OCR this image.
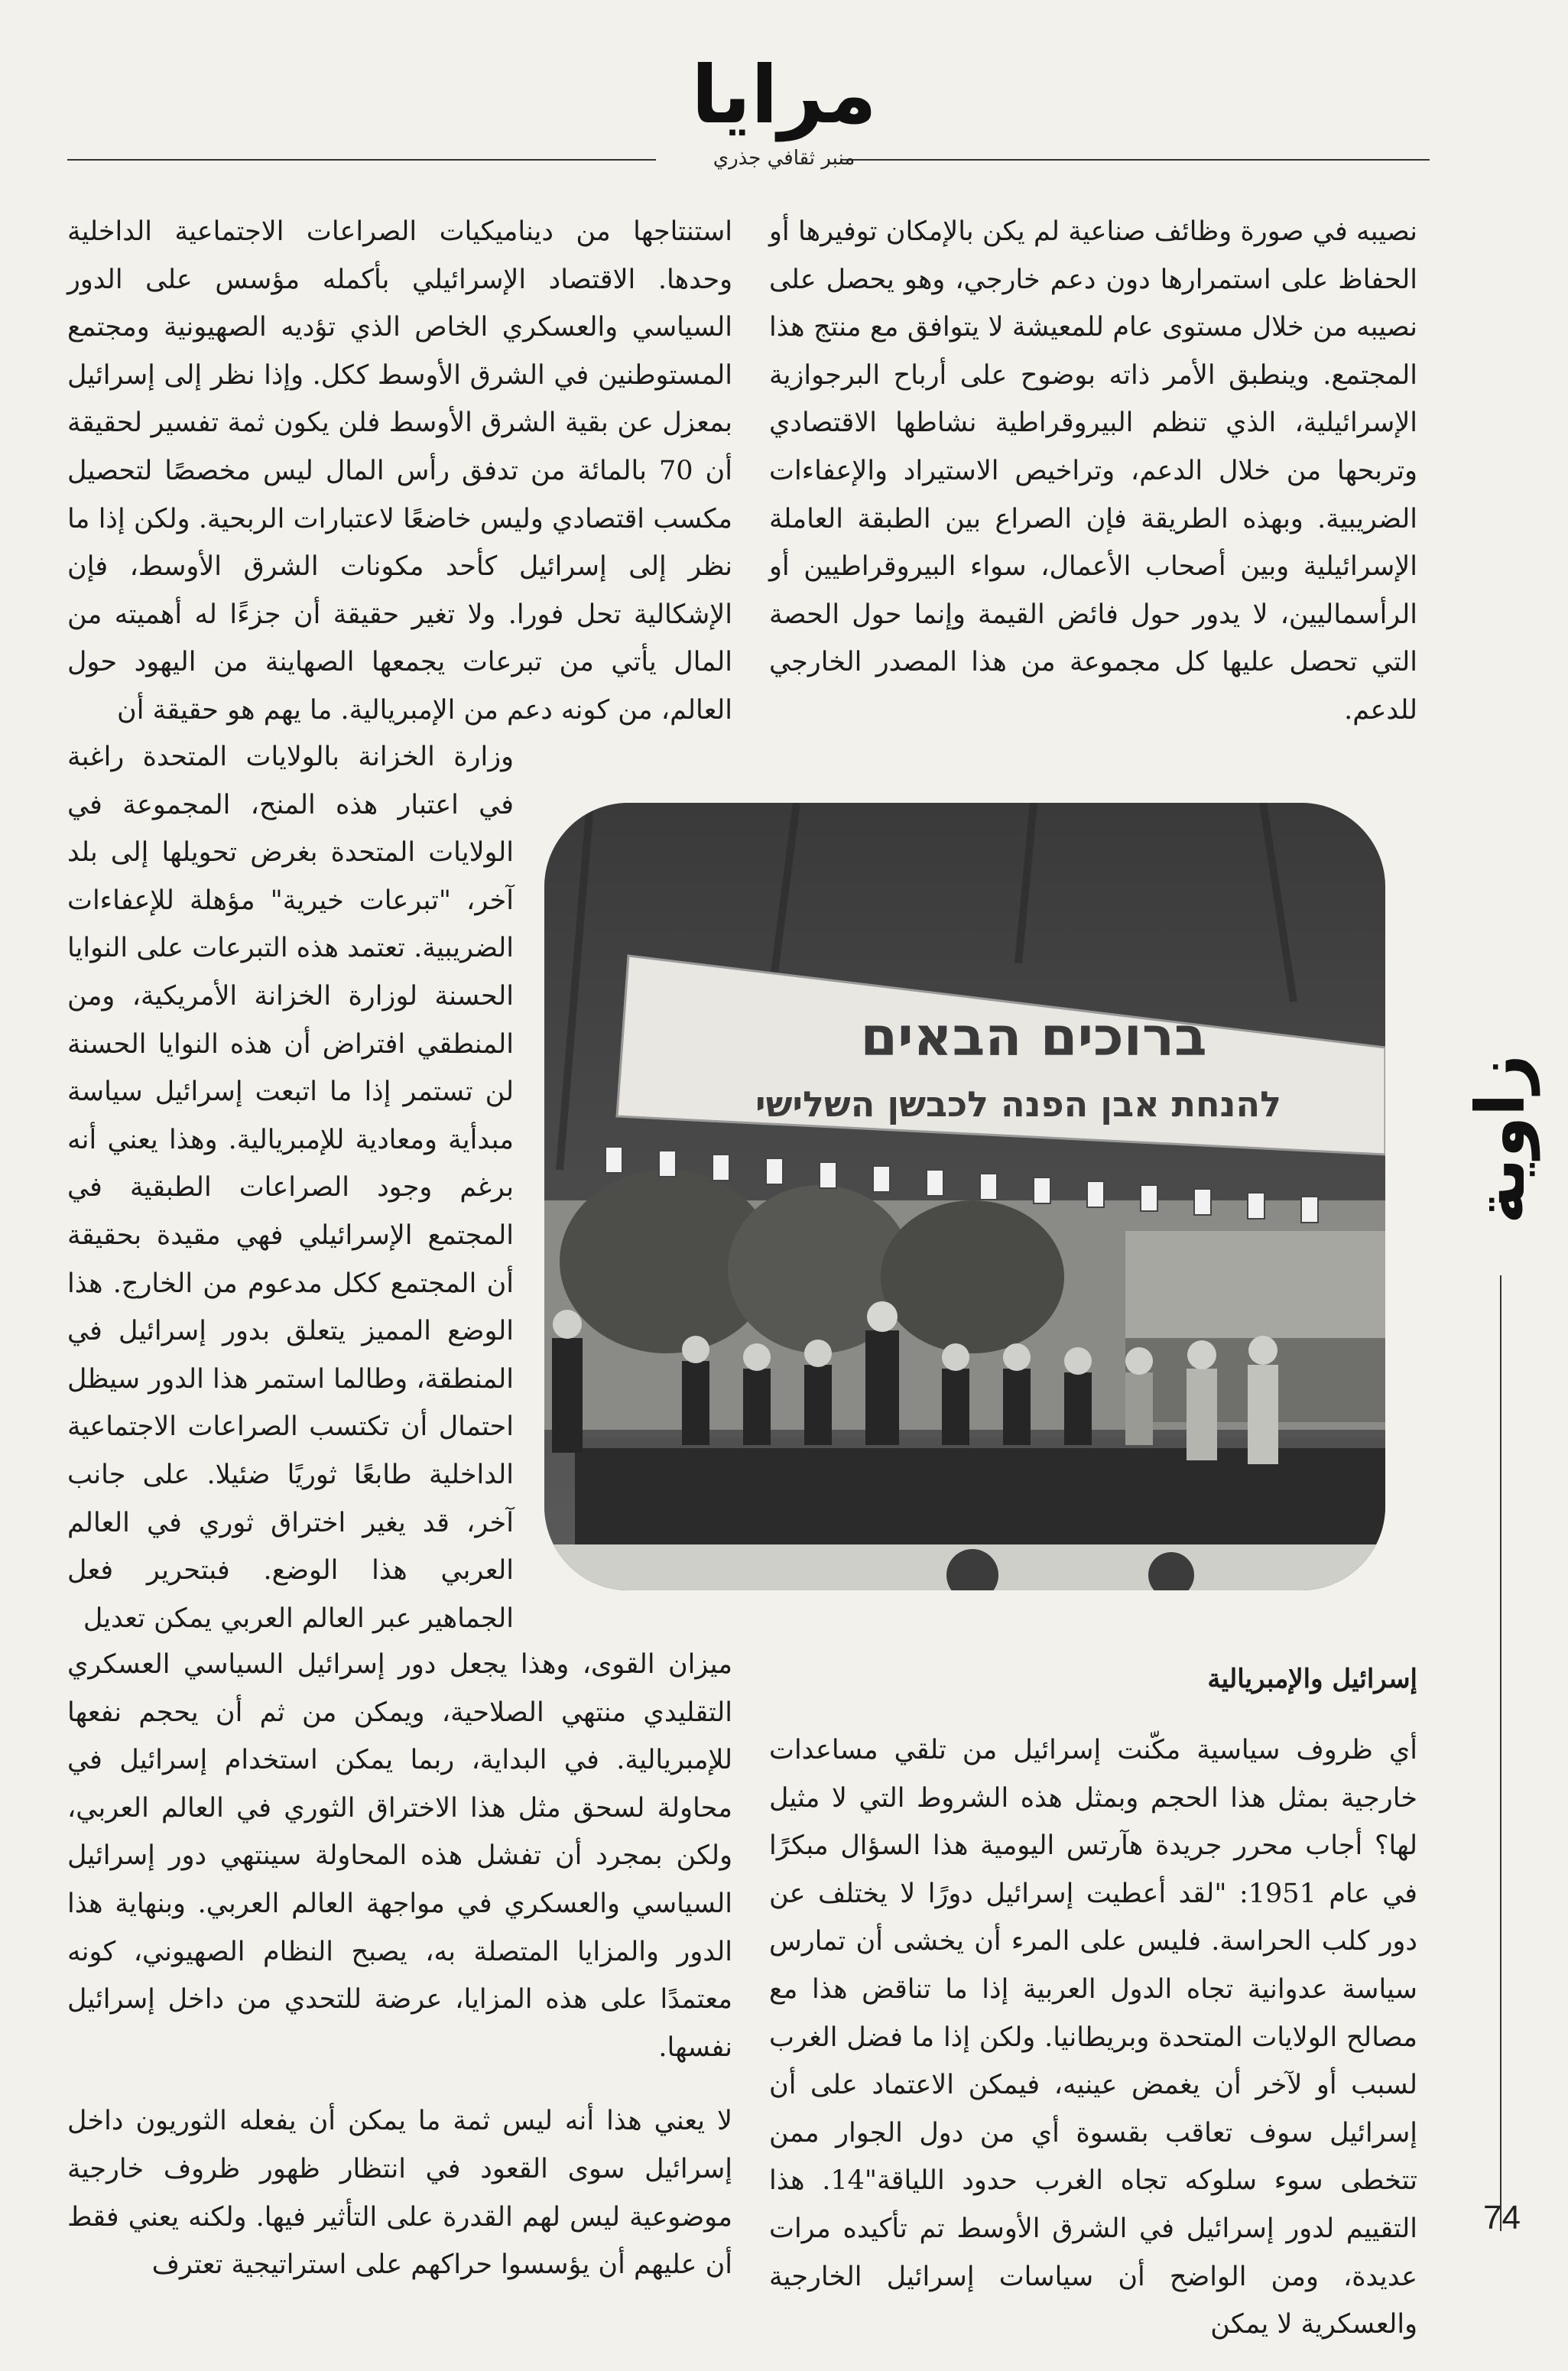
مرايا
منبر ثقافي جذري

نصيبه في صورة وظائف صناعية لم يكن بالإمكان توفيرها أو الحفاظ على استمرارها دون دعم خارجي، وهو يحصل على نصيبه من خلال مستوى عام للمعيشة لا يتوافق مع منتج هذا المجتمع. وينطبق الأمر ذاته بوضوح على أرباح البرجوازية الإسرائيلية، الذي تنظم البيروقراطية نشاطها الاقتصادي وتربحها من خلال الدعم، وتراخيص الاستيراد والإعفاءات الضريبية. وبهذه الطريقة فإن الصراع بين الطبقة العاملة الإسرائيلية وبين أصحاب الأعمال، سواء البيروقراطيين أو الرأسماليين، لا يدور حول فائض القيمة وإنما حول الحصة التي تحصل عليها كل مجموعة من هذا المصدر الخارجي للدعم.

استنتاجها من ديناميكيات الصراعات الاجتماعية الداخلية وحدها. الاقتصاد الإسرائيلي بأكمله مؤسس على الدور السياسي والعسكري الخاص الذي تؤديه الصهيونية ومجتمع المستوطنين في الشرق الأوسط ككل. وإذا نظر إلى إسرائيل بمعزل عن بقية الشرق الأوسط فلن يكون ثمة تفسير لحقيقة أن 70 بالمائة من تدفق رأس المال ليس مخصصًا لتحصيل مكسب اقتصادي وليس خاضعًا لاعتبارات الربحية. ولكن إذا ما نظر إلى إسرائيل كأحد مكونات الشرق الأوسط، فإن الإشكالية تحل فورا. ولا تغير حقيقة أن جزءًا له أهميته من المال يأتي من تبرعات يجمعها الصهاينة من اليهود حول العالم، من كونه دعم من الإمبريالية. ما يهم هو حقيقة أن

وزارة الخزانة بالولايات المتحدة راغبة في اعتبار هذه المنح، المجموعة في الولايات المتحدة بغرض تحويلها إلى بلد آخر، "تبرعات خيرية" مؤهلة للإعفاءات الضريبية. تعتمد هذه التبرعات على النوايا الحسنة لوزارة الخزانة الأمريكية، ومن المنطقي افتراض أن هذه النوايا الحسنة لن تستمر إذا ما اتبعت إسرائيل سياسة مبدأية ومعادية للإمبريالية. وهذا يعني أنه برغم وجود الصراعات الطبقية في المجتمع الإسرائيلي فهي مقيدة بحقيقة أن المجتمع ككل مدعوم من الخارج. هذا الوضع المميز يتعلق بدور إسرائيل في المنطقة، وطالما استمر هذا الدور سيظل احتمال أن تكتسب الصراعات الاجتماعية الداخلية طابعًا ثوريًا ضئيلا. على جانب آخر، قد يغير اختراق ثوري في العالم العربي هذا الوضع. فبتحرير فعل الجماهير عبر العالم العربي يمكن تعديل

ברוכים הבאים
להנחת אבן הפנה לכבשן השלישי
إسرائيل والإمبريالية

أي ظروف سياسية مكّنت إسرائيل من تلقي مساعدات خارجية بمثل هذا الحجم وبمثل هذه الشروط التي لا مثيل لها؟ أجاب محرر جريدة هآرتس اليومية هذا السؤال مبكرًا في عام 1951: "لقد أعطيت إسرائيل دورًا لا يختلف عن دور كلب الحراسة. فليس على المرء أن يخشى أن تمارس سياسة عدوانية تجاه الدول العربية إذا ما تناقض هذا مع مصالح الولايات المتحدة وبريطانيا. ولكن إذا ما فضل الغرب لسبب أو لآخر أن يغمض عينيه، فيمكن الاعتماد على أن إسرائيل سوف تعاقب بقسوة أي من دول الجوار ممن تتخطى سوء سلوكه تجاه الغرب حدود اللياقة"14. هذا التقييم لدور إسرائيل في الشرق الأوسط تم تأكيده مرات عديدة، ومن الواضح أن سياسات إسرائيل الخارجية والعسكرية لا يمكن

ميزان القوى، وهذا يجعل دور إسرائيل السياسي العسكري التقليدي منتهي الصلاحية، ويمكن من ثم أن يحجم نفعها للإمبريالية. في البداية، ربما يمكن استخدام إسرائيل في محاولة لسحق مثل هذا الاختراق الثوري في العالم العربي، ولكن بمجرد أن تفشل هذه المحاولة سينتهي دور إسرائيل السياسي والعسكري في مواجهة العالم العربي. وبنهاية هذا الدور والمزايا المتصلة به، يصبح النظام الصهيوني، كونه معتمدًا على هذه المزايا، عرضة للتحدي من داخل إسرائيل نفسها.

لا يعني هذا أنه ليس ثمة ما يمكن أن يفعله الثوريون داخل إسرائيل سوى القعود في انتظار ظهور ظروف خارجية موضوعية ليس لهم القدرة على التأثير فيها. ولكنه يعني فقط أن عليهم أن يؤسسوا حراكهم على استراتيجية تعترف

زاوية
74
